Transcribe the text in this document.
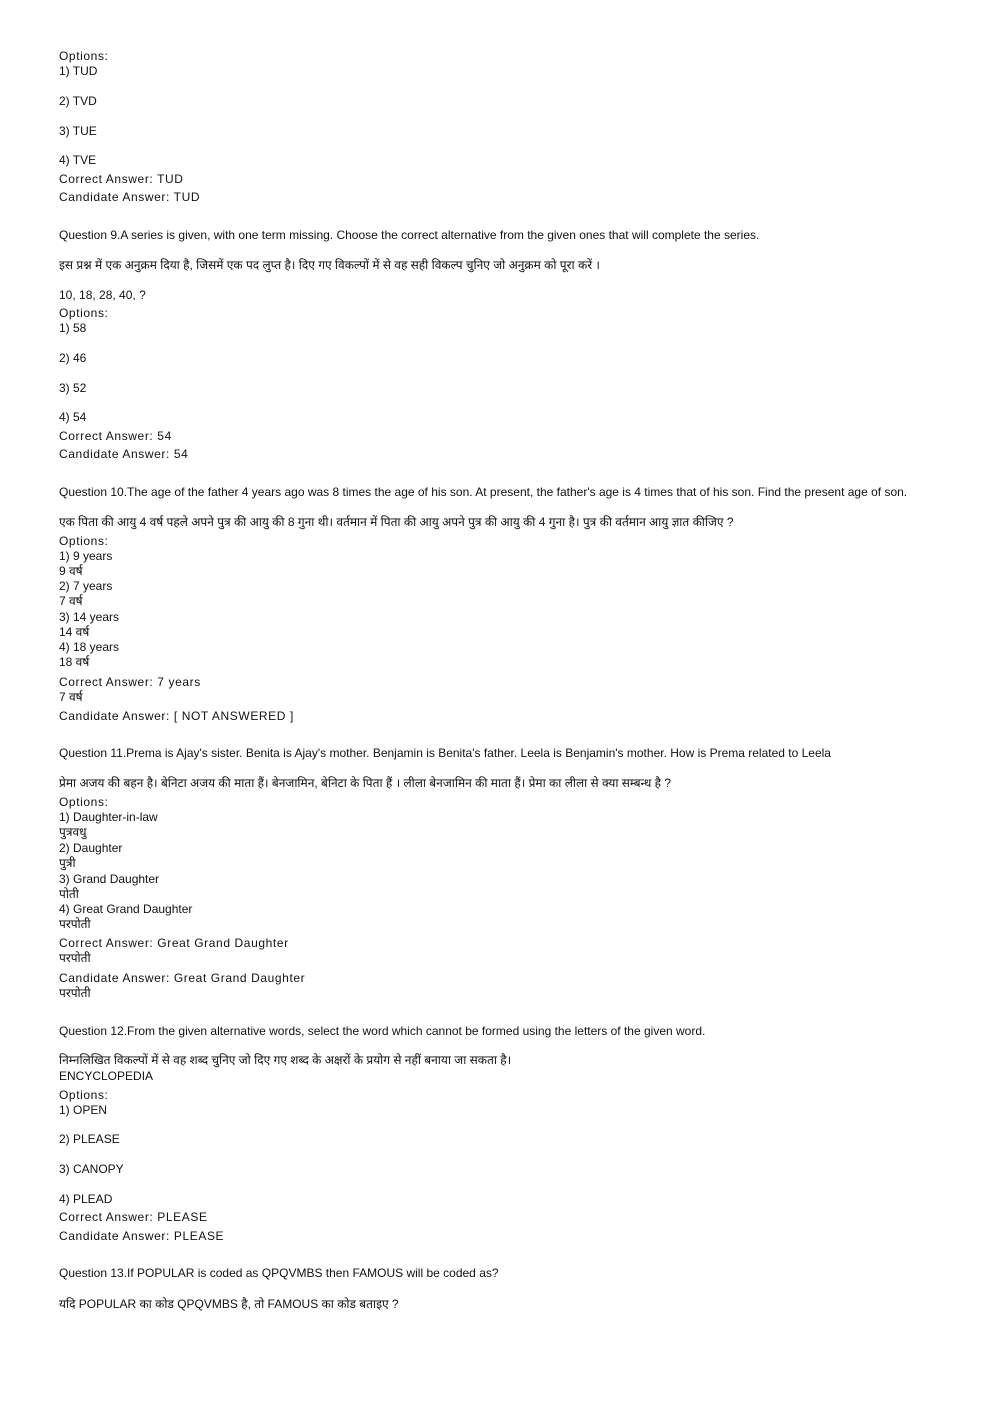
Options:
1) TUD
2) TVD
3) TUE
4) TVE
Correct Answer: TUD
Candidate Answer: TUD
Question 9.A series is given, with one term missing. Choose the correct alternative from the given ones that will complete the series.
इस प्रश्न में एक अनुक्रम दिया है, जिसमें एक पद लुप्त है। दिए गए विकल्पों में से वह सही विकल्प चुनिए जो अनुक्रम को पूरा करें ।
10, 18, 28, 40, ?
Options:
1) 58
2) 46
3) 52
4) 54
Correct Answer: 54
Candidate Answer: 54
Question 10.The age of the father 4 years ago was 8 times the age of his son. At present, the father's age is 4 times that of his son. Find the present age of son.
एक पिता की आयु 4 वर्ष पहले अपने पुत्र की आयु की 8 गुना थी। वर्तमान में पिता की आयु अपने पुत्र की आयु की 4 गुना है। पुत्र की वर्तमान आयु ज्ञात कीजिए ?
Options:
1) 9 years
9 वर्ष
2) 7 years
7 वर्ष
3) 14 years
14 वर्ष
4) 18 years
18 वर्ष
Correct Answer: 7 years
7 वर्ष
Candidate Answer: [ NOT ANSWERED ]
Question 11.Prema is Ajay's sister. Benita is Ajay's mother. Benjamin is Benita's father. Leela is Benjamin's mother. How is Prema related to Leela
प्रेमा अजय की बहन है। बेनिटा अजय की माता हैं। बेनजामिन, बेनिटा के पिता हैं । लीला बेनजामिन की माता हैं। प्रेमा का लीला से क्या सम्बन्ध है ?
Options:
1) Daughter-in-law
पुत्रवधु
2) Daughter
पुत्री
3) Grand Daughter
पोती
4) Great Grand Daughter
परपोती
Correct Answer: Great Grand Daughter
परपोती
Candidate Answer: Great Grand Daughter
परपोती
Question 12.From the given alternative words, select the word which cannot be formed using the letters of the given word.
निम्नलिखित विकल्पों में से वह शब्द चुनिए जो दिए गए शब्द के अक्षरों के प्रयोग से नहीं बनाया जा सकता है।
ENCYCLOPEDIA
Options:
1) OPEN
2) PLEASE
3) CANOPY
4) PLEAD
Correct Answer: PLEASE
Candidate Answer: PLEASE
Question 13.If POPULAR is coded as QPQVMBS then FAMOUS will be coded as?
यदि POPULAR का कोड QPQVMBS है, तो FAMOUS का कोड बताइए ?
